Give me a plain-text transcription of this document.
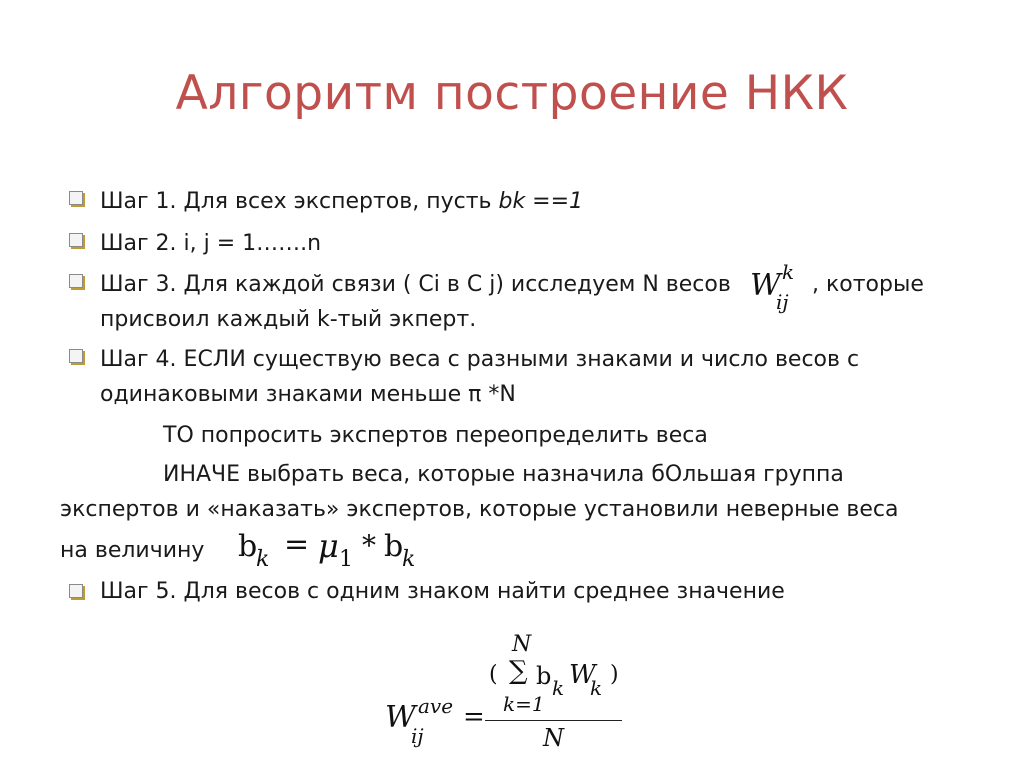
Алгоритм построение НКК
Шаг 1. Для всех экспертов, пусть bk ==1
Шаг 2. i, j = 1…….n
Шаг 3. Для каждой связи ( Ci в C j) исследуем N весов W k
ij
, которые
присвоил каждый k-тый экперт.
Шаг 4. ЕСЛИ существую веса с разными знаками и число весов с
одинаковыми знаками меньше π *N
ТО попросить экспертов переопределить веса
ИНАЧЕ выбрать веса, которые назначила бОльшая группа
экспертов и «наказать» экспертов, которые установили неверные веса
на величину b
k = μ 1 * b
k
Шаг 5. Для весов с одним знаком найти среднее значение
W ave
ij
=
N
( ∑ b k W
k
)
k=1
N
